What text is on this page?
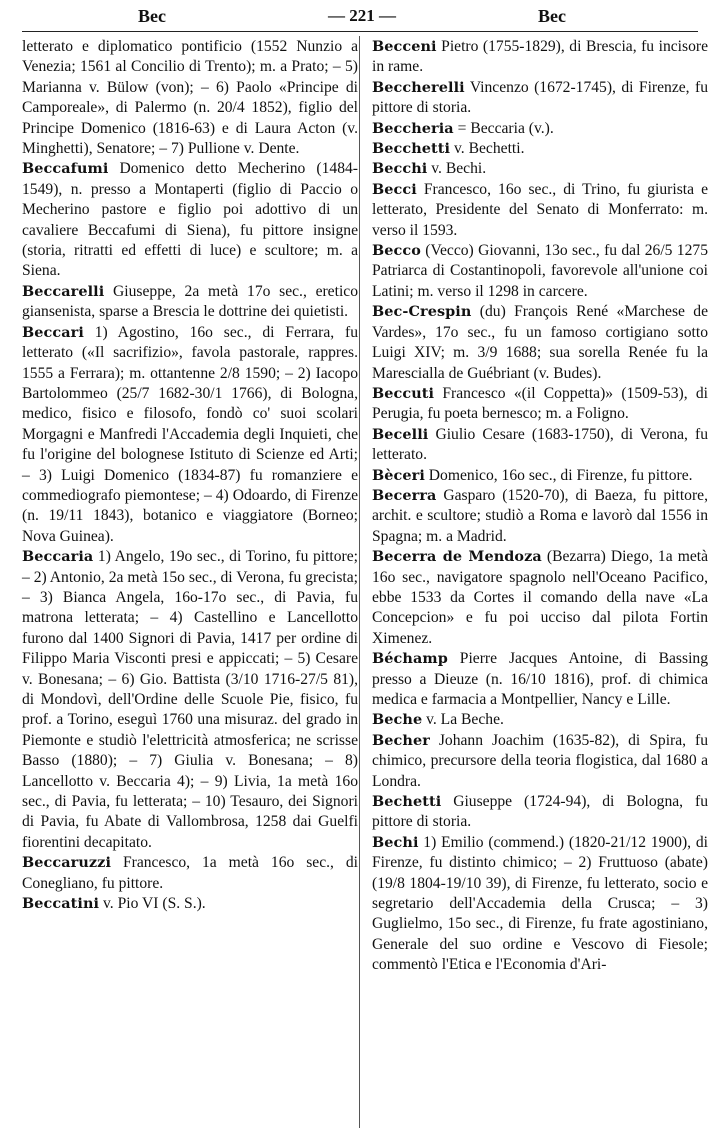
Bec	— 221 —	Bec

letterato e diplomatico pontificio (1552 Nunzio a Venezia; 1561 al Concilio di Trento); m. a Prato; – 5) Marianna v. Bülow (von); – 6) Paolo «Principe di Camporeale», di Palermo (n. 20/4 1852), figlio del Principe Domenico (1816-63) e di Laura Acton (v. Minghetti), Senatore; – 7) Pullione v. Dente.

Beccafumi Domenico detto Mecherino (1484-1549), n. presso a Montaperti (figlio di Paccio o Mecherino pastore e figlio poi adottivo di un cavaliere Beccafumi di Siena), fu pittore insigne (storia, ritratti ed effetti di luce) e scultore; m. a Siena.

Beccarelli Giuseppe, 2a metà 17o sec., eretico giansenista, sparse a Brescia le dottrine dei quietisti.

Beccari 1) Agostino, 16o sec., di Ferrara, fu letterato («Il sacrifizio», favola pastorale, rappres. 1555 a Ferrara); m. ottantenne 2/8 1590; – 2) Iacopo Bartolommeo (25/7 1682-30/1 1766), di Bologna, medico, fisico e filosofo, fondò co' suoi scolari Morgagni e Manfredi l'Accademia degli Inquieti, che fu l'origine del bolognese Istituto di Scienze ed Arti; – 3) Luigi Domenico (1834-87) fu romanziere e commediografo piemontese; – 4) Odoardo, di Firenze (n. 19/11 1843), botanico e viaggiatore (Borneo; Nova Guinea).

Beccaria 1) Angelo, 19o sec., di Torino, fu pittore; – 2) Antonio, 2a metà 15o sec., di Verona, fu grecista; – 3) Bianca Angela, 16o-17o sec., di Pavia, fu matrona letterata; – 4) Castellino e Lancellotto furono dal 1400 Signori di Pavia, 1417 per ordine di Filippo Maria Visconti presi e appiccati; – 5) Cesare v. Bonesana; – 6) Gio. Battista (3/10 1716-27/5 81), di Mondovì, dell'Ordine delle Scuole Pie, fisico, fu prof. a Torino, eseguì 1760 una misuraz. del grado in Piemonte e studiò l'elettricità atmosferica; ne scrisse Basso (1880); – 7) Giulia v. Bonesana; – 8) Lancellotto v. Beccaria 4); – 9) Livia, 1a metà 16o sec., di Pavia, fu letterata; – 10) Tesauro, dei Signori di Pavia, fu Abate di Vallombrosa, 1258 dai Guelfi fiorentini decapitato.

Beccaruzzi Francesco, 1a metà 16o sec., di Conegliano, fu pittore.

Beccatini v. Pio VI (S. S.).

Becceni Pietro (1755-1829), di Brescia, fu incisore in rame.

Beccherelli Vincenzo (1672-1745), di Firenze, fu pittore di storia.

Beccheria = Beccaria (v.).

Becchetti v. Bechetti.

Becchi v. Bechi.

Becci Francesco, 16o sec., di Trino, fu giurista e letterato, Presidente del Senato di Monferrato: m. verso il 1593.

Becco (Vecco) Giovanni, 13o sec., fu dal 26/5 1275 Patriarca di Costantinopoli, favorevole all'unione coi Latini; m. verso il 1298 in carcere.

Bec-Crespin (du) François René «Marchese de Vardes», 17o sec., fu un famoso cortigiano sotto Luigi XIV; m. 3/9 1688; sua sorella Renée fu la Marescialla de Guébriant (v. Budes).

Beccuti Francesco «(il Coppetta)» (1509-53), di Perugia, fu poeta bernesco; m. a Foligno.

Becelli Giulio Cesare (1683-1750), di Verona, fu letterato.

Bèceri Domenico, 16o sec., di Firenze, fu pittore.

Becerra Gasparo (1520-70), di Baeza, fu pittore, archit. e scultore; studiò a Roma e lavorò dal 1556 in Spagna; m. a Madrid.

Becerra de Mendoza (Bezarra) Diego, 1a metà 16o sec., navigatore spagnolo nell'Oceano Pacifico, ebbe 1533 da Cortes il comando della nave «La Concepcion» e fu poi ucciso dal pilota Fortin Ximenez.

Béchamp Pierre Jacques Antoine, di Bassing presso a Dieuze (n. 16/10 1816), prof. di chimica medica e farmacia a Montpellier, Nancy e Lille.

Beche v. La Beche.

Becher Johann Joachim (1635-82), di Spira, fu chimico, precursore della teoria flogistica, dal 1680 a Londra.

Bechetti Giuseppe (1724-94), di Bologna, fu pittore di storia.

Bechi 1) Emilio (commend.) (1820-21/12 1900), di Firenze, fu distinto chimico; – 2) Fruttuoso (abate) (19/8 1804-19/10 39), di Firenze, fu letterato, socio e segretario dell'Accademia della Crusca; – 3) Guglielmo, 15o sec., di Firenze, fu frate agostiniano, Generale del suo ordine e Vescovo di Fiesole; commentò l'Etica e l'Economia d'Ari-
